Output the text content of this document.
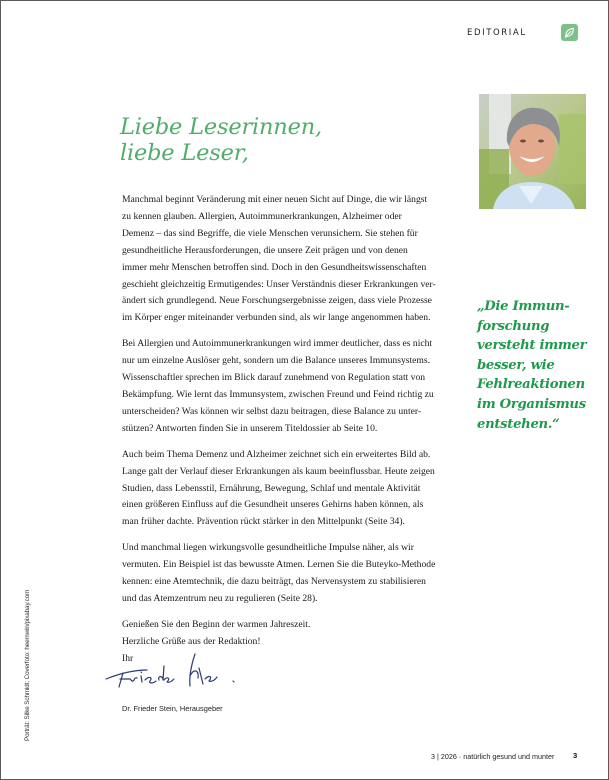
EDITORIAL
Liebe Leserinnen,
liebe Leser,

Manchmal beginnt Veränderung mit einer neuen Sicht auf Dinge, die wir längst
zu kennen glauben. Allergien, Autoimmunerkrankungen, Alzheimer oder
Demenz – das sind Begriffe, die viele Menschen verunsichern. Sie stehen für
gesundheitliche Herausforderungen, die unsere Zeit prägen und von denen
immer mehr Menschen betroffen sind. Doch in den Gesundheitswissenschaften
geschieht gleichzeitig Ermutigendes: Unser Verständnis dieser Erkrankungen ver-
ändert sich grundlegend. Neue Forschungsergebnisse zeigen, dass viele Prozesse
im Körper enger miteinander verbunden sind, als wir lange angenommen haben.

Bei Allergien und Autoimmunerkrankungen wird immer deutlicher, dass es nicht
nur um einzelne Auslöser geht, sondern um die Balance unseres Immunsystems.
Wissenschaftler sprechen im Blick darauf zunehmend von Regulation statt von
Bekämpfung. Wie lernt das Immunsystem, zwischen Freund und Feind richtig zu
unterscheiden? Was können wir selbst dazu beitragen, diese Balance zu unter-
stützen? Antworten finden Sie in unserem Titeldossier ab Seite 10.

Auch beim Thema Demenz und Alzheimer zeichnet sich ein erweitertes Bild ab.
Lange galt der Verlauf dieser Erkrankungen als kaum beeinflussbar. Heute zeigen
Studien, dass Lebensstil, Ernährung, Bewegung, Schlaf und mentale Aktivität
einen größeren Einfluss auf die Gesundheit unseres Gehirns haben können, als
man früher dachte. Prävention rückt stärker in den Mittelpunkt (Seite 34).

Und manchmal liegen wirkungsvolle gesundheitliche Impulse näher, als wir
vermuten. Ein Beispiel ist das bewusste Atmen. Lernen Sie die Buteyko-Methode
kennen: eine Atemtechnik, die dazu beiträgt, das Nervensystem zu stabilisieren
und das Atemzentrum neu zu regulieren (Seite 28).

Genießen Sie den Beginn der warmen Jahreszeit.
Herzliche Grüße aus der Redaktion!
Ihr

„Die Immun-
forschung
versteht immer
besser, wie
Fehlreaktionen
im Organismus
entstehen.“
Dr. Frieder Stein, Herausgeber
Porträt: Silke Schmidt; Coverfoto: heemwin/pixabay.com
3 | 2026 · natürlich gesund und munter 3
